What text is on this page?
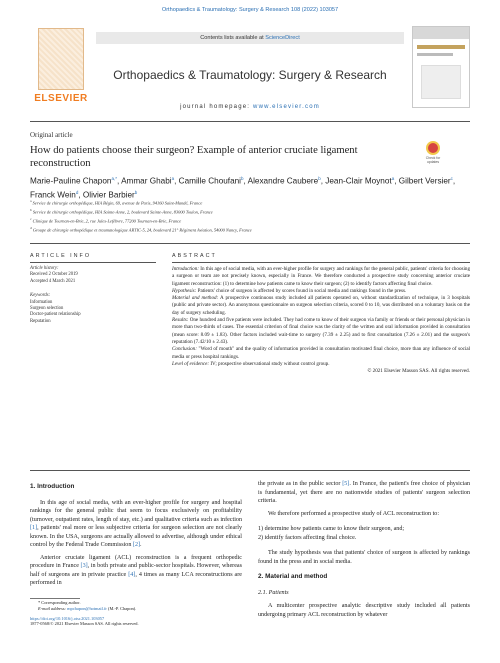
Orthopaedics & Traumatology: Surgery & Research 108 (2022) 103057
ELSEVIER
Contents lists available at ScienceDirect
Orthopaedics & Traumatology: Surgery & Research
journal homepage: www.elsevier.com
Original article
How do patients choose their surgeon? Example of anterior cruciate ligament reconstruction	Check for updates
Marie-Pauline Chapon$^{a,*}$, Ammar Ghabi$^a$, Camille Choufani$^b$, Alexandre Caubere$^b$, Jean-Clair Moynot$^a$, Gilbert Versier$^c$, Franck Wein$^d$, Olivier Barbier$^b$
$^a$ Service de chirurgie orthopédique, HIA Bégin, 69, avenue de Paris, 94160 Saint-Mandé, France
$^b$ Service de chirurgie orthopédique, HIA Sainte-Anne, 2, boulevard Sainte-Anne, 83000 Toulon, France
$^c$ Clinique de Tournan-en-Brie, 2, rue Jules-Lefèbvre, 77200 Tournan-en-Brie, France
$^d$ Groupe de chirurgie orthopédique et traumatologique ARTIC-5, 24, boulevard 21° Régiment Aviation, 54000 Nancy, France
ARTICLE INFO	ABSTRACT
Article history:
Received 2 October 2019
Accepted 4 March 2021
Keywords:
Information
Surgeon selection
Doctor-patient relationship
Reputation
Introduction: In this age of social media, with an ever-higher profile for surgery and rankings for the general public, patients' criteria for choosing a surgeon or team are not precisely known, especially in France. We therefore conducted a prospective study concerning anterior cruciate ligament reconstruction: (1) to determine how patients came to know their surgeon; (2) to identify factors affecting final choice.
Hypothesis: Patients' choice of surgeon is affected by scores found in social media and rankings found in the press.
Material and method: A prospective continuous study included all patients operated on, without standardization of technique, in 3 hospitals (public and private sector). An anonymous questionnaire on surgeon selection criteria, scored 0 to 10, was distributed on a voluntary basis on the day of surgery scheduling.
Results: One hundred and five patients were included. They had come to know of their surgeon via family or friends or their personal physician in more than two-thirds of cases. The essential criterion of final choice was the clarity of the written and oral information provided in consultation (mean score: 8.09 ± 1.83). Other factors included wait-time to surgery (7.39 ± 2.25) and to first consultation (7.26 ± 2.01) and the surgeon's reputation (7.42/10 ± 2.43).
Conclusion: "Word of mouth" and the quality of information provided in consultation motivated final choice, more than any influence of social media or press hospital rankings.
Level of evidence: IV; prospective observational study without control group.
© 2021 Elsevier Masson SAS. All rights reserved.
1. Introduction

In this age of social media, with an ever-higher profile for surgery and hospital rankings for the general public that seem to focus exclusively on profitability (turnover, outpatient rates, length of stay, etc.) and qualitative criteria such as infection [1], patients' real more or less subjective criteria for surgeon selection are not clearly known. In the USA, surgeons are actually allowed to advertise, although under ethical control by the Federal Trade Commission [2].

Anterior cruciate ligament (ACL) reconstruction is a frequent orthopedic procedure in France [3], in both private and public-sector hospitals. However, whereas half of surgeons are in private practice [4], 4 times as many LCA reconstructions are performed in

the private as in the public sector [5]. In France, the patient's free choice of physician is fundamental, yet there are no nationwide studies of patients' surgeon selection criteria.

We therefore performed a prospective study of ACL reconstruction to:

1) determine how patients came to know their surgeon, and;

2) identify factors affecting final choice.

The study hypothesis was that patients' choice of surgeon is affected by rankings found in the press and in social media.

2. Material and method
2.1. Patients

A multicenter prospective analytic descriptive study included all patients undergoing primary ACL reconstruction by whatever

* Corresponding author.
E-mail address: mpchapon@hotmail.fr (M.-P. Chapon).
https://doi.org/10.1016/j.otsr.2021.103057
1877-0568/© 2021 Elsevier Masson SAS. All rights reserved.
